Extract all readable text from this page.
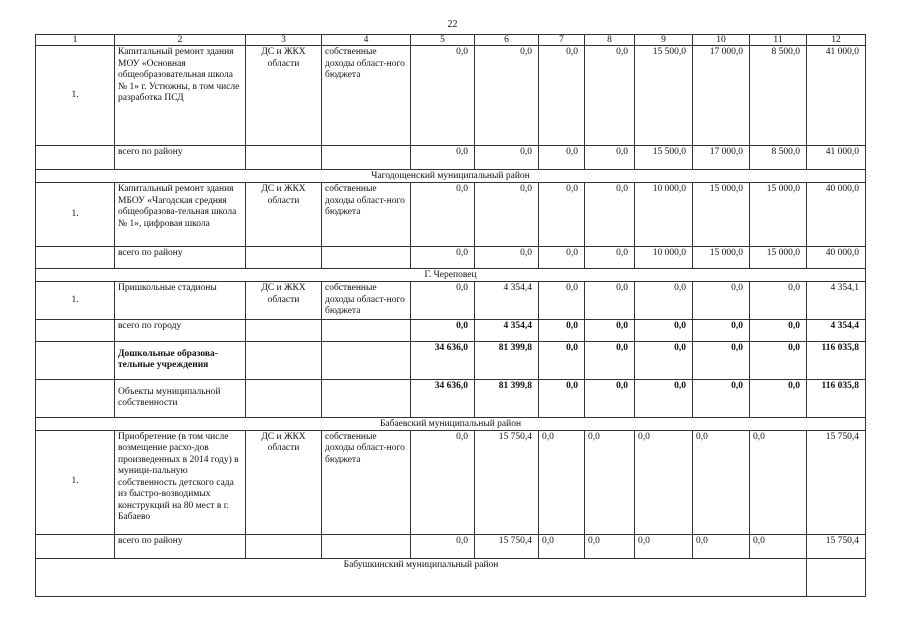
22
1	2	3	4	5	6	7	8	9	10	11	12
1.	Капитальный ремонт здания МОУ «Основная общеобразовательная школа № 1» г. Устюжны, в том числе разработка ПСД	ДС и ЖКХ области	собственные доходы област-ного бюджета	0,0	0,0	0,0	0,0	15 500,0	17 000,0	8 500,0	41 000,0
	всего по району			0,0	0,0	0,0	0,0	15 500,0	17 000,0	8 500,0	41 000,0
Чагодощенский муниципальный район											
1.	Капитальный ремонт здания МБОУ «Чагодская средняя общеобразова-тельная школа № 1», цифровая школа	ДС и ЖКХ области	собственные доходы област-ного бюджета	0,0	0,0	0,0	0,0	10 000,0	15 000,0	15 000,0	40 000,0
	всего по району			0,0	0,0	0,0	0,0	10 000,0	15 000,0	15 000,0	40 000,0
Г. Череповец											
1.	Пришкольные стадионы	ДС и ЖКХ области	собственные доходы област-ного бюджета	0,0	4 354,4	0,0	0,0	0,0	0,0	0,0	4 354,1
	всего по городу			0,0	4 354,4	0,0	0,0	0,0	0,0	0,0	4 354,4
	Дошкольные образова-тельные учреждения			34 636,0	81 399,8	0,0	0,0	0,0	0,0	0,0	116 035,8
	Объекты муниципальной собственности			34 636,0	81 399,8	0,0	0,0	0,0	0,0	0,0	116 035,8
Бабаевский муниципальный район											
1.	Приобретение (в том числе возмещение расхо-дов произведенных в 2014 году) в муници-пальную собственность детского сада из быстро-возводимых конструкций на 80 мест в г. Бабаево	ДС и ЖКХ области	собственные доходы област-ного бюджета	0,0	15 750,4	0,0	0,0	0,0	0,0	0,0	15 750,4
	всего по району			0,0	15 750,4	0,0	0,0	0,0	0,0	0,0	15 750,4
Бабушкинский муниципальный район											
